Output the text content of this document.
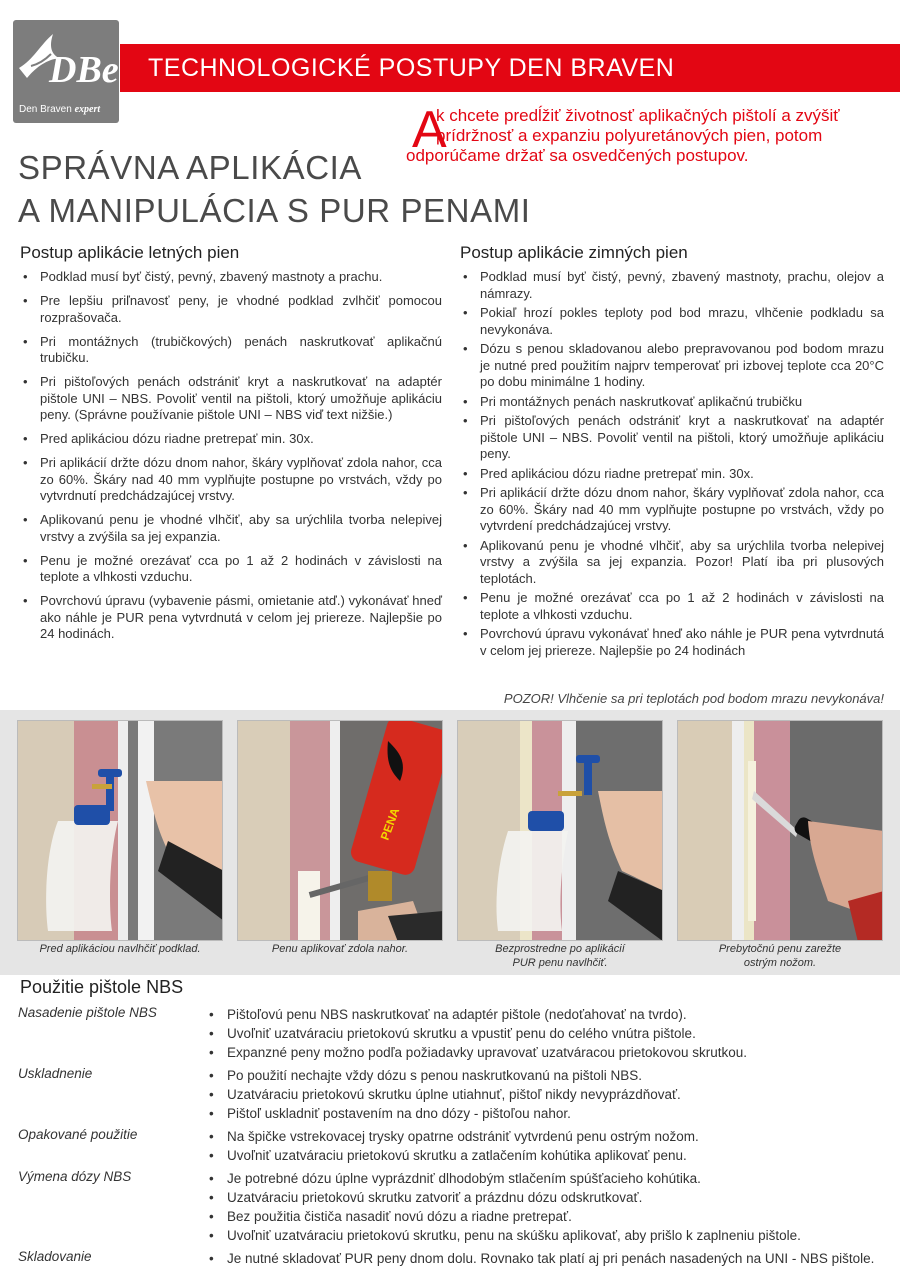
DBe
Den Braven expert
TECHNOLOGICKÉ POSTUPY DEN BRAVEN
A
k chcete predĺžiť životnosť aplikačných pištolí a zvýšiť
prídržnosť a expanziu polyuretánových pien, potom
odporúčame držať sa osvedčených postupov.
SPRÁVNA APLIKÁCIA
A MANIPULÁCIA S PUR PENAMI
Postup aplikácie letných pien
• Podklad musí byť čistý, pevný, zbavený mastnoty a prachu.
• Pre lepšiu priľnavosť peny, je vhodné podklad zvlhčiť pomocou rozprašovača.
• Pri montážnych (trubičkových) penách naskrutkovať aplikačnú trubičku.
• Pri pištoľových penách odstrániť kryt a naskrutkovať na adaptér pištole UNI – NBS. Povoliť ventil na pištoli, ktorý umožňuje aplikáciu peny. (Správne používanie pištole UNI – NBS viď text nižšie.)
• Pred aplikáciou dózu riadne pretrepať min. 30x.
• Pri aplikácií držte dózu dnom nahor, škáry vyplňovať zdola nahor, cca zo 60%. Škáry nad 40 mm vyplňujte postupne po vrstvách, vždy po vytvrdnutí predchádzajúcej vrstvy.
• Aplikovanú penu je vhodné vlhčiť, aby sa urýchlila tvorba nelepivej vrstvy a zvýšila sa jej expanzia.
• Penu je možné orezávať cca po 1 až 2 hodinách v závislosti na teplote a vlhkosti vzduchu.
• Povrchovú úpravu (vybavenie pásmi, omietanie atď.) vykonávať hneď ako náhle je PUR pena vytvrdnutá v celom jej priereze. Najlepšie po 24 hodinách.
Postup aplikácie zimných pien
• Podklad musí byť čistý, pevný, zbavený mastnoty, prachu, olejov a námrazy.
• Pokiaľ hrozí pokles teploty pod bod mrazu, vlhčenie podkladu sa nevykonáva.
• Dózu s penou skladovanou alebo prepravovanou pod bodom mrazu je nutné pred použitím najprv temperovať pri izbovej teplote cca 20°C po dobu minimálne 1 hodiny.
• Pri montážnych penách naskrutkovať aplikačnú trubičku
• Pri pištoľových penách odstrániť kryt a naskrutkovať na adaptér pištole UNI – NBS. Povoliť ventil na pištoli, ktorý umožňuje aplikáciu peny.
• Pred aplikáciou dózu riadne pretrepať min. 30x.
• Pri aplikácií držte dózu dnom nahor, škáry vyplňovať zdola nahor, cca zo 60%. Škáry nad 40 mm vyplňujte postupne po vrstvách, vždy po vytvrdení predchádzajúcej vrstvy.
• Aplikovanú penu je vhodné vlhčiť, aby sa urýchlila tvorba nelepivej vrstvy a zvýšila sa jej expanzia. Pozor! Platí iba pri plusových teplotách.
• Penu je možné orezávať cca po 1 až 2 hodinách v závislosti na teplote a vlhkosti vzduchu.
• Povrchovú úpravu vykonávať hneď ako náhle je PUR pena vytvrdnutá v celom jej priereze. Najlepšie po 24 hodinách
POZOR! Vlhčenie sa pri teplotách pod bodom mrazu nevykonáva!
PENA
Pred aplikáciou navlhčiť podklad.	Penu aplikovať zdola nahor.	Bezprostredne po aplikácií
PUR penu navlhčiť.
Prebytočnú penu zarežte
ostrým nožom.
Použitie pištole NBS
Nasadenie pištole NBS	• Pištoľovú penu NBS naskrutkovať na adaptér pištole (nedoťahovať na tvrdo).
• Uvoľniť uzatváraciu prietokovú skrutku a vpustiť penu do celého vnútra pištole.
• Expanzné peny možno podľa požiadavky upravovať uzatváracou prietokovou skrutkou.
Uskladnenie	• Po použití nechajte vždy dózu s penou naskrutkovanú na pištoli NBS.
• Uzatváraciu prietokovú skrutku úplne utiahnuť, pištoľ nikdy nevyprázdňovať.
• Pištoľ uskladniť postavením na dno dózy - pištoľou nahor.
Opakované použitie	• Na špičke vstrekovacej trysky opatrne odstrániť vytvrdenú penu ostrým nožom.
• Uvoľniť uzatváraciu prietokovú skrutku a zatlačením kohútika aplikovať penu.
Výmena dózy NBS	• Je potrebné dózu úplne vyprázdniť dlhodobým stlačením spúšťacieho kohútika.
• Uzatváraciu prietokovú skrutku zatvoriť a prázdnu dózu odskrutkovať.
• Bez použitia čističa nasadiť novú dózu a riadne pretrepať.
• Uvoľniť uzatváraciu prietokovú skrutku, penu na skúšku aplikovať, aby prišlo k zaplneniu pištole.
Skladovanie	• Je nutné skladovať PUR peny dnom dolu. Rovnako tak platí aj pri penách nasadených na UNI - NBS pištole.
